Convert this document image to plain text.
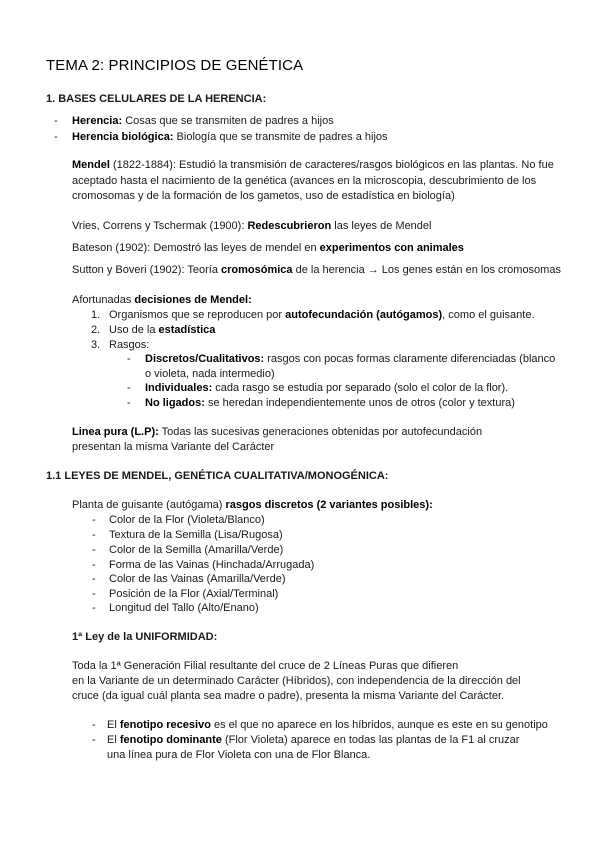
TEMA 2: PRINCIPIOS DE GENÉTICA
1. BASES CELULARES DE LA HERENCIA:
- Herencia: Cosas que se transmiten de padres a hijos
- Herencia biológica: Biología que se transmite de padres a hijos
Mendel (1822-1884): Estudió la transmisión de caracteres/rasgos biológicos en las plantas. No fue
aceptado hasta el nacimiento de la genética (avances en la microscopia, descubrimiento de los
cromosomas y de la formación de los gametos, uso de estadística en biología)
Vries, Correns y Tschermak (1900): Redescubrieron las leyes de Mendel
Bateson (1902): Demostró las leyes de mendel en experimentos con animales
Sutton y Boveri (1902): Teoría cromosómica de la herencia → Los genes están en los cromosomas
Afortunadas decisiones de Mendel:
1. Organismos que se reproducen por autofecundación (autógamos), como el guisante.
2. Uso de la estadística
3. Rasgos:
- Discretos/Cualitativos: rasgos con pocas formas claramente diferenciadas (blanco
o violeta, nada intermedio)
- Individuales: cada rasgo se estudia por separado (solo el color de la flor).
- No ligados: se heredan independientemente unos de otros (color y textura)
Linea pura (L.P): Todas las sucesivas generaciones obtenidas por autofecundación
presentan la misma Variante del Carácter
1.1 LEYES DE MENDEL, GENÉTICA CUALITATIVA/MONOGÉNICA:
Planta de guisante (autógama) rasgos discretos (2 variantes posibles):
- Color de la Flor (Violeta/Blanco)
- Textura de la Semilla (Lisa/Rugosa)
- Color de la Semilla (Amarilla/Verde)
- Forma de las Vainas (Hinchada/Arrugada)
- Color de las Vainas (Amarilla/Verde)
- Posición de la Flor (Axial/Terminal)
- Longitud del Tallo (Alto/Enano)
1ª Ley de la UNIFORMIDAD:
Toda la 1ª Generación Filial resultante del cruce de 2 Líneas Puras que difieren
en la Variante de un determinado Carácter (Híbridos), con independencia de la dirección del
cruce (da igual cuál planta sea madre o padre), presenta la misma Variante del Carácter.
- El fenotipo recesivo es el que no aparece en los híbridos, aunque es este en su genotipo
- El fenotipo dominante (Flor Violeta) aparece en todas las plantas de la F1 al cruzar
una línea pura de Flor Violeta con una de Flor Blanca.
